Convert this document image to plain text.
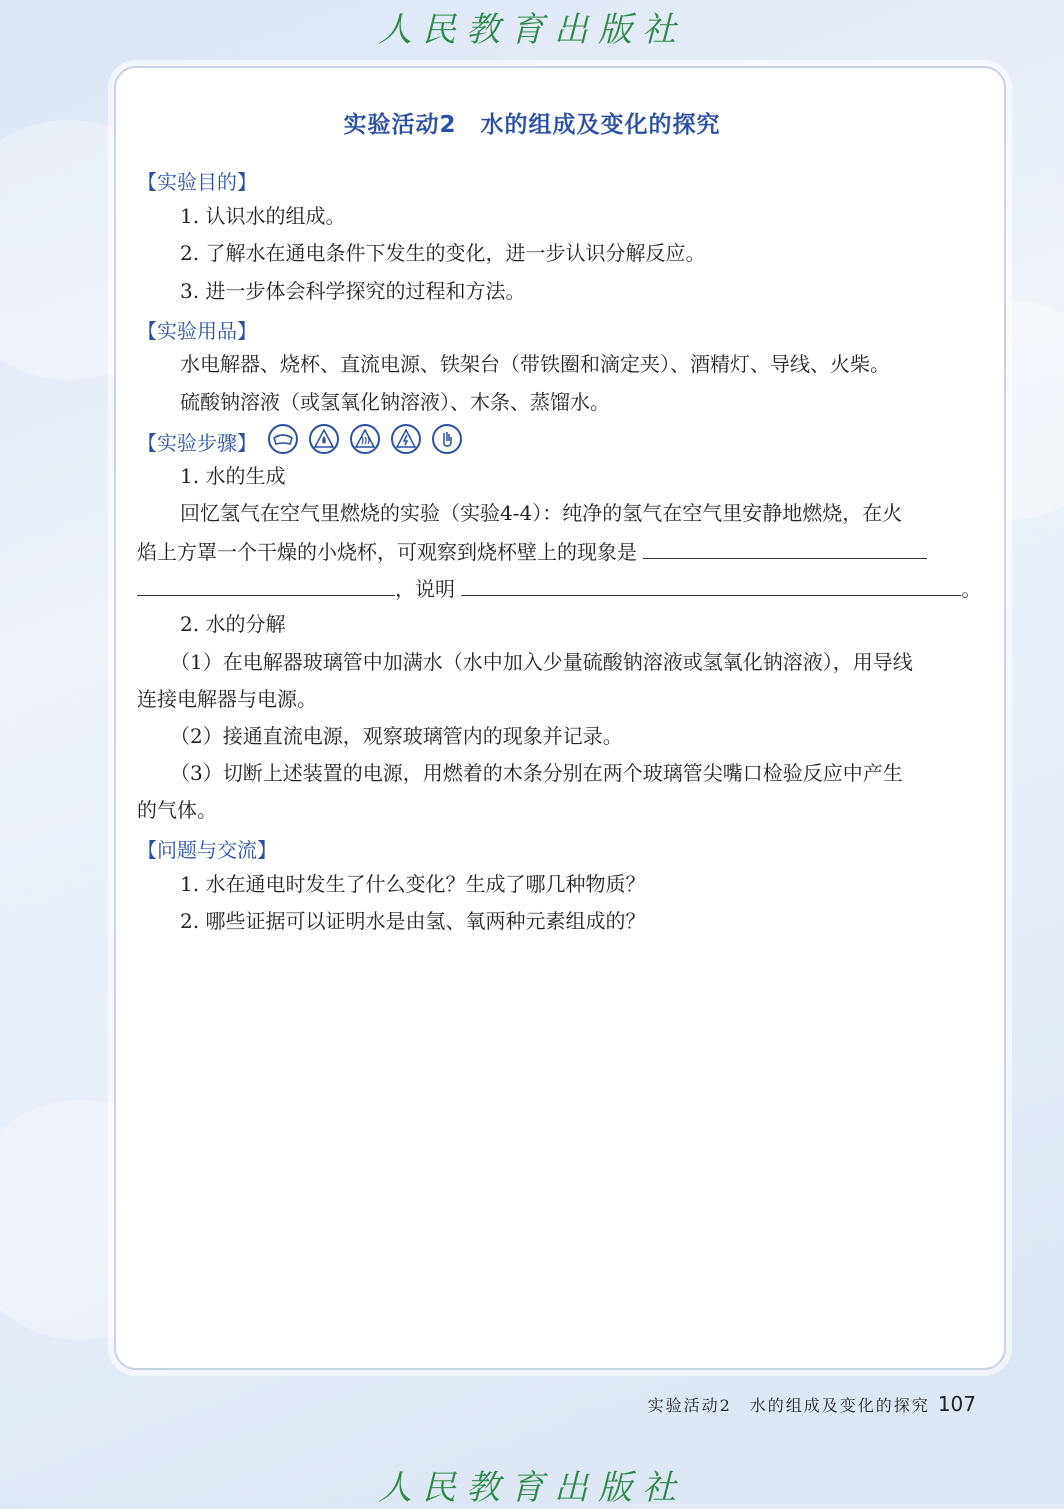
人民教育出版社
实验活动2　水的组成及变化的探究
【实验目的】
1. 认识水的组成。
2. 了解水在通电条件下发生的变化，进一步认识分解反应。
3. 进一步体会科学探究的过程和方法。
【实验用品】
水电解器、烧杯、直流电源、铁架台（带铁圈和滴定夹）、酒精灯、导线、火柴。
硫酸钠溶液（或氢氧化钠溶液）、木条、蒸馏水。
【实验步骤】
1. 水的生成
回忆氢气在空气里燃烧的实验（实验4-4）：纯净的氢气在空气里安静地燃烧，在火
焰上方罩一个干燥的小烧杯，可观察到烧杯壁上的现象是
，说明	。
2. 水的分解
（1）在电解器玻璃管中加满水（水中加入少量硫酸钠溶液或氢氧化钠溶液），用导线
连接电解器与电源。
（2）接通直流电源，观察玻璃管内的现象并记录。
（3）切断上述装置的电源，用燃着的木条分别在两个玻璃管尖嘴口检验反应中产生
的气体。
【问题与交流】
1. 水在通电时发生了什么变化？生成了哪几种物质？
2. 哪些证据可以证明水是由氢、氧两种元素组成的？
实验活动2　水的组成及变化的探究 107
人民教育出版社
